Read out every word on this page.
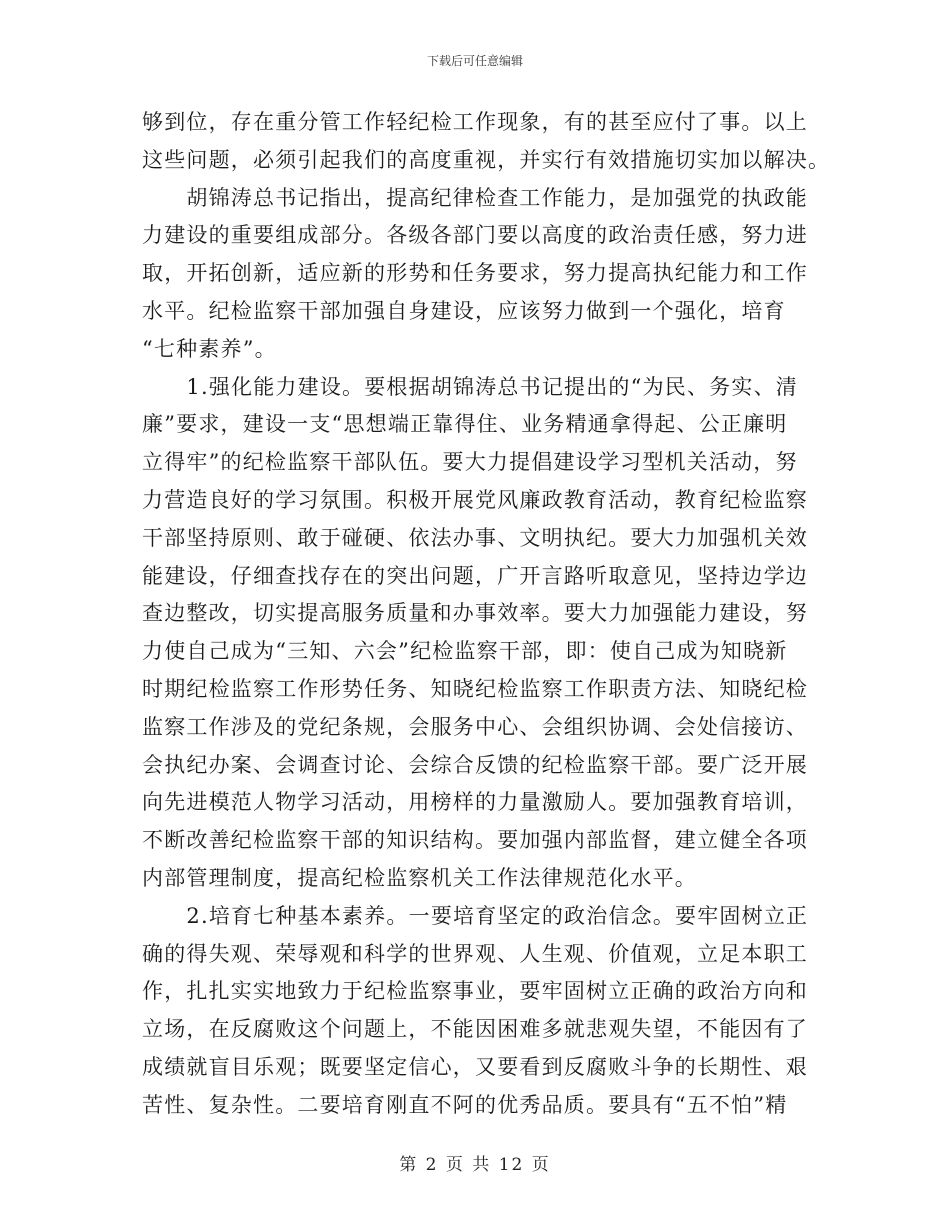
下载后可任意编辑
够到位，存在重分管工作轻纪检工作现象，有的甚至应付了事。以上
这些问题，必须引起我们的高度重视，并实行有效措施切实加以解决。
　　胡锦涛总书记指出，提高纪律检查工作能力，是加强党的执政能
力建设的重要组成部分。各级各部门要以高度的政治责任感，努力进
取，开拓创新，适应新的形势和任务要求，努力提高执纪能力和工作
水平。纪检监察干部加强自身建设，应该努力做到一个强化，培育
“七种素养”。
　　1.强化能力建设。要根据胡锦涛总书记提出的“为民、务实、清
廉”要求，建设一支“思想端正靠得住、业务精通拿得起、公正廉明
立得牢”的纪检监察干部队伍。要大力提倡建设学习型机关活动，努
力营造良好的学习氛围。积极开展党风廉政教育活动，教育纪检监察
干部坚持原则、敢于碰硬、依法办事、文明执纪。要大力加强机关效
能建设，仔细查找存在的突出问题，广开言路听取意见，坚持边学边
查边整改，切实提高服务质量和办事效率。要大力加强能力建设，努
力使自己成为“三知、六会”纪检监察干部，即：使自己成为知晓新
时期纪检监察工作形势任务、知晓纪检监察工作职责方法、知晓纪检
监察工作涉及的党纪条规，会服务中心、会组织协调、会处信接访、
会执纪办案、会调查讨论、会综合反馈的纪检监察干部。要广泛开展
向先进模范人物学习活动，用榜样的力量激励人。要加强教育培训，
不断改善纪检监察干部的知识结构。要加强内部监督，建立健全各项
内部管理制度，提高纪检监察机关工作法律规范化水平。
　　2.培育七种基本素养。一要培育坚定的政治信念。要牢固树立正
确的得失观、荣辱观和科学的世界观、人生观、价值观，立足本职工
作，扎扎实实地致力于纪检监察事业，要牢固树立正确的政治方向和
立场，在反腐败这个问题上，不能因困难多就悲观失望，不能因有了
成绩就盲目乐观；既要坚定信心，又要看到反腐败斗争的长期性、艰
苦性、复杂性。二要培育刚直不阿的优秀品质。要具有“五不怕”精
第 2 页 共 12 页
